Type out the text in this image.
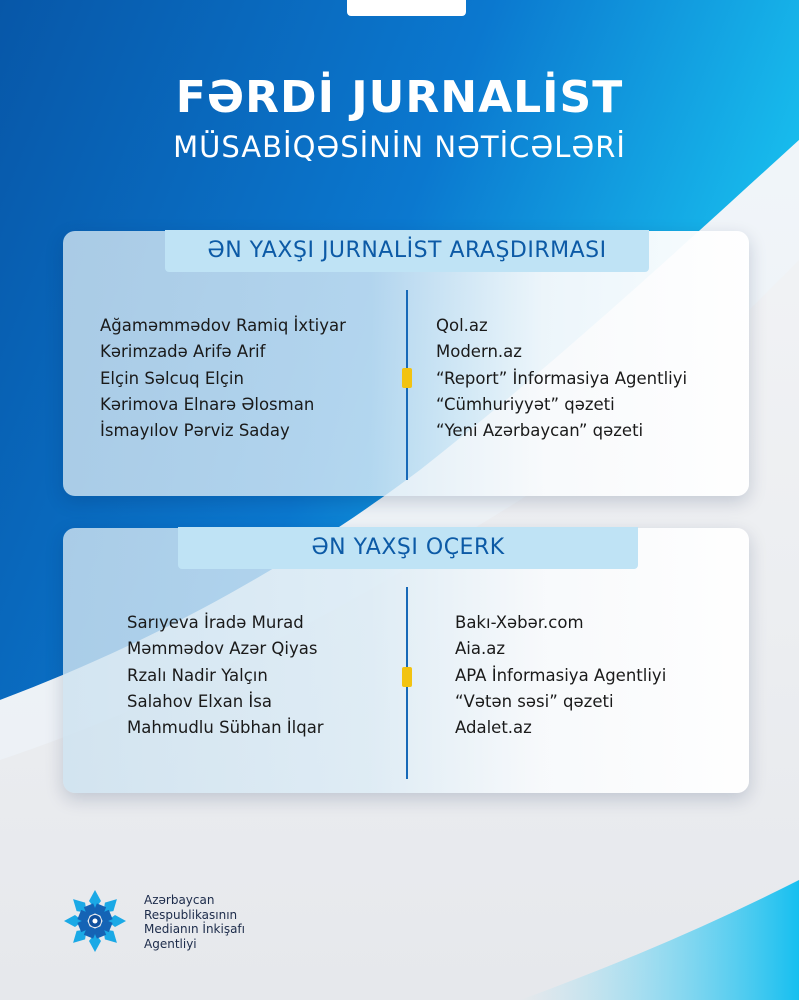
FƏRDİ JURNALİST
MÜSABİQƏSİNİN NƏTİCƏLƏRİ
ƏN YAXŞI JURNALİST ARAŞDIRMASI
Ağaməmmədov Ramiq İxtiyar
Kərimzadə Arifə Arif
Elçin Səlcuq Elçin
Kərimova Elnarə Əlosman
İsmayılov Pərviz Saday
Qol.az
Modern.az
“Report” İnformasiya Agentliyi
“Cümhuriyyət” qəzeti
“Yeni Azərbaycan” qəzeti
ƏN YAXŞI OÇERK
Sarıyeva İradə Murad
Məmmədov Azər Qiyas
Rzalı Nadir Yalçın
Salahov Elxan İsa
Mahmudlu Sübhan İlqar
Bakı-Xəbər.com
Aia.az
APA İnformasiya Agentliyi
“Vətən səsi” qəzeti
Adalet.az
Azərbaycan
Respublikasının
Medianın İnkişafı
Agentliyi
